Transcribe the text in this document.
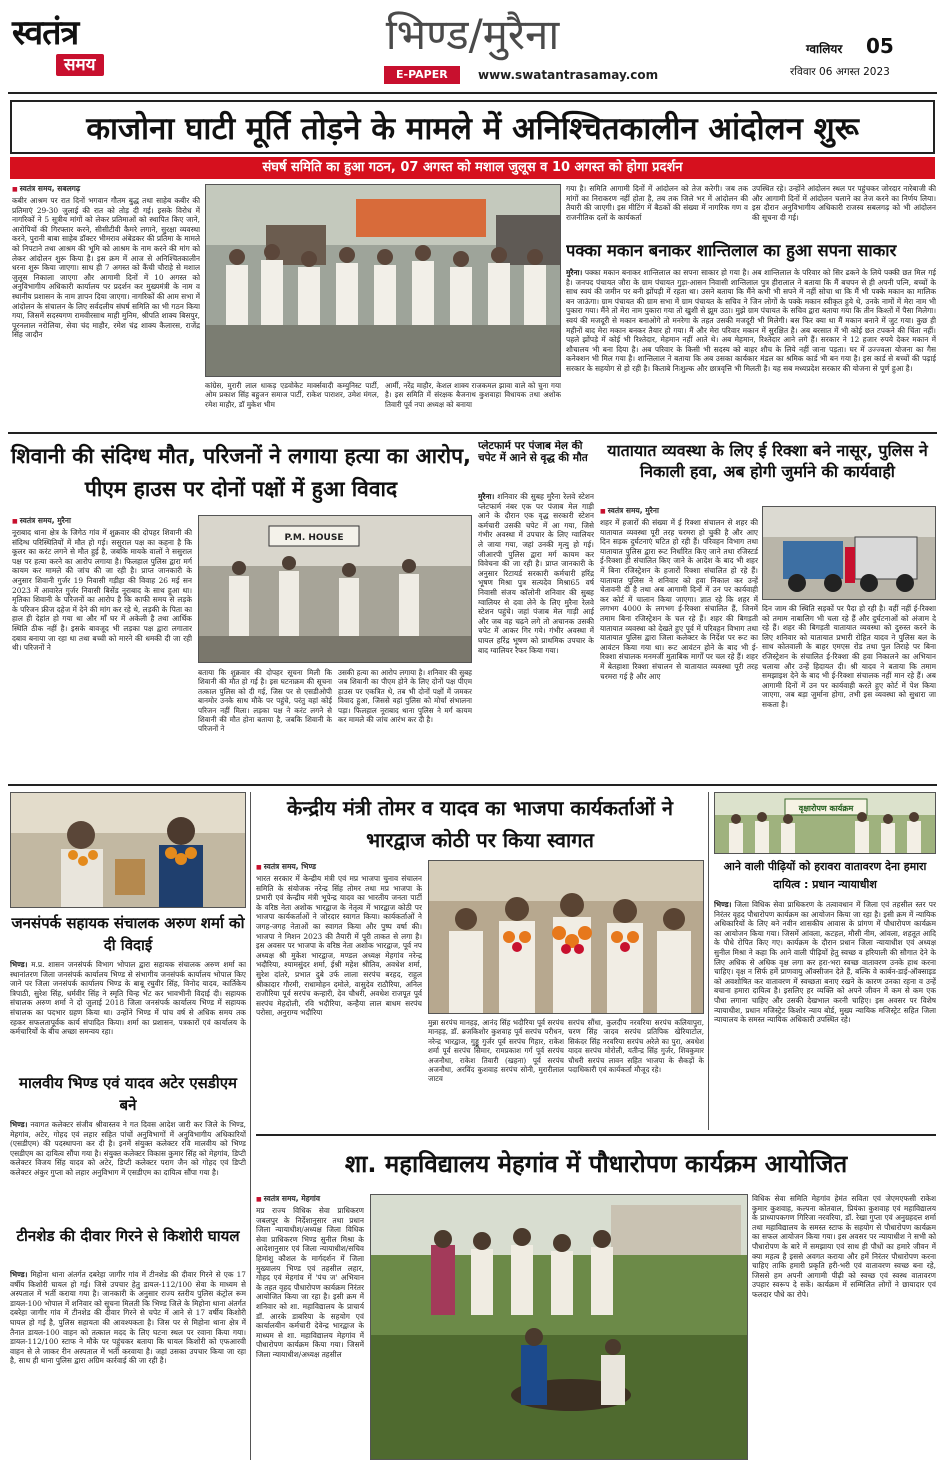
स्वतंत्र
समय
भिण्ड/मुरैना
E-PAPER	www.swatantrasamay.com
ग्वालियर 05
रविवार 06 अगस्त 2023
काजोना घाटी मूर्ति तोड़ने के मामले में अनिश्चितकालीन आंदोलन शुरू
संघर्ष समिति का हुआ गठन, 07 अगस्त को मशाल जुलूस व 10 अगस्त को होगा प्रदर्शन
■ स्वतंत्र समय, सबलगढ़
कबीर आश्रम पर रात दिनों भगवान गौतम बुद्ध तथा साहेब कबीर की प्रतिमाएं 29-30 जुलाई की रात को तोड़ दी गई। इसके विरोध में नागरिकों ने 5 सूत्रीय मांगों को लेकर प्रतिमाओं को स्थापित किए जाने, आरोपियों की गिरफ्तार करने, सीसीटीवी कैमरे लगाने, सुरक्षा व्यवस्था करने, पुरानी बाबा साहेब डॉक्टर भीमराव अंबेडकर की प्रतिमा के मामले को निपटाने तथा आश्रम की भूमि को आश्रम के नाम करने की मांग को लेकर आंदोलन शुरू किया है। इस क्रम में आज से अनिश्चितकालीन धरना शुरू किया जाएगा। साथ ही 7 अगस्त को कैंची चौराहे से मशाल जुलूस निकाला जाएगा और आगामी दिनों में 10 अगस्त को अनुविभागीय अधिकारी कार्यालय पर प्रदर्शन कर मुख्यमंत्री के नाम व स्थानीय प्रशासन के नाम ज्ञापन दिया जाएगा। नागरिकों की आम सभा में आंदोलन के संचालन के लिए सर्वदलीय संघर्ष समिति का भी गठन किया गया, जिसमें सदस्यगण रामवीरसाथ माही मुनिम, श्रीपति शाक्य बिसपुर, पूरनलाल नरोलिया, सेवा चंद माहौर, रमेश चंद्र शाक्य कैलारस, राजेंद्र सिंह जादौन
कांग्रेस, मुरारी लाल धाकड़ एडवोकेट मार्क्सवादी कम्युनिस्ट पार्टी, ओम प्रकाश सिंह बहुजन समाज पार्टी, राकेश पाराशर, उमेश मंगल, रमेश माहौर, डॉ मुकेश भीम
आर्मी, नरेंद्र माहौर, केशल शाक्य राजकमल झावा वाले को चुना गया है। इस समिति में संरक्षक बैजनाथ कुशवाहा विधायक तथा अशोक तिवारी पूर्व नपा अध्यक्ष को बनाया
गया है। समिति आगामी दिनों में आंदोलन को तेज करेगी। जब तक मांगों का निराकरण नहीं होता है, तब तक जिले भर में आंदोलन की तैयारी की जाएगी। इस मीटिंग में बैठकों की संख्या में नागरिक गण व राजनीतिक दलों के कार्यकर्ता
उपस्थित रहे। उन्होंने आंदोलन स्थल पर पहुंचकर जोरदार नारेबाजी की और आगामी दिनों में आंदोलन चलाने का तेज करने का निर्णय लिया। इस दौरान अनुविभागीय अधिकारी राजस्व सबलगढ़ को भी आंदोलन की सूचना दी गई।
पक्का मकान बनाकर शान्तिलाल का हुआ सपना साकार
मुरैना। पक्का मकान बनाकर शान्तिलाल का सपना साकार हो गया है। अब शान्तिलाल के परिवार को सिर ढकने के लिये पक्की छत मिल गई है। जनपद पंचायत जौरा के ग्राम पंचायत गुड़ा-आसन निवासी शान्तिलाल पुत्र हीरालाल ने बताया कि मैं बचपन से ही अपनी पत्नि, बच्चों के साथ स्वयं की जमीन पर बनी झोंपड़ी में रहता था। उसने बताया कि मैंने कभी भी सपने में नहीं सोचा था कि मैं भी पक्के मकान का मालिक बन जाऊंगा। ग्राम पंचायत की ग्राम सभा में ग्राम पंचायत के सचिव ने जिन लोगों के पक्के मकान स्वीकृत हुये थे, उनके नामों में मेरा नाम भी पुकारा गया। मैंने तो मेरा नाम पुकारा गया तो खुशी से झूम उठा। मुझे ग्राम पंचायत के सचिव द्वारा बताया गया कि तीन किश्तों में पैसा मिलेगा। स्वयं की मजदूरी से मकान बनाओगे तो मनरेगा के तहत उसकी मजदूरी भी मिलेगी। बस फिर क्या था मैं मकान बनाने में जुट गया। कुछ ही महीनों बाद मेरा मकान बनकर तैयार हो गया। मैं और मेरा परिवार मकान में सुरक्षित है। अब बरसात में भी कोई छत टपकने की चिंता नहीं। पहले झोंपड़े में कोई भी रिश्तेदार, मेहमान नहीं आते थे। अब मेहमान, रिश्तेदार आने लगे हैं। सरकार ने 12 हजार रुपये देकर मकान में शौचालय भी बना दिया है। अब परिवार के किसी भी सदस्य को बाहर शौच के लिये नहीं जाना पड़ता। घर में उज्ज्वला योजना का गैस कनेक्शन भी मिल गया है। शान्तिलाल ने बताया कि अब उसका कार्यकार मंडल का श्रमिक कार्ड भी बन गया है। इस कार्ड से बच्चों की पढ़ाई सरकार के सहयोग से हो रही है। किताबे निःशुल्क और छात्रवृत्ति भी मिलती है। यह सब मध्यप्रदेश सरकार की योजना से पूर्ण हुआ है।
शिवानी की संदिग्ध मौत, परिजनों ने लगाया हत्या का आरोप, पीएम हाउस पर दोनों पक्षों में हुआ विवाद
■ स्वतंत्र समय, मुरैना
नूराबाद थाना क्षेत्र के जिगेठ गांव में शुक्रवार की दोपहर शिवानी की संदिग्ध परिस्थितियों में मौत हो गई। ससुराल पक्ष का कहना है कि कूलर का करंट लगने से मौत हुई है, जबकि मायके वालों ने ससुराल पक्ष पर हत्या करने का आरोप लगाया है। फिलहाल पुलिस द्वारा मर्ग कायम कर मामले की जांच की जा रही है। प्राप्त जानकारी के अनुसार शिवानी गुर्जर 19 निवासी गड़ीहा की विवाह 26 मई सन 2023 में आवारेत गुर्जर निवासी बिसेंड नूराबाद के साथ हुआ था। मृतिका शिवानी के परिजनों का आरोप है कि काफी समय से लड़के के परिजन फ्रीज दहेज में देने की मांग कर रहे थे, लड़की के पिता का हाल ही देहांत हो गया था और माँ घर में अकेली है तथा आर्थिक स्थिति ठीक नहीं है। इसके बावजूद भी लड़का पक्ष द्वारा लगातार दबाव बनाया जा रहा था तथा बच्ची को मारने की धमकी दी जा रही थी। परिजनों ने
P.M. HOUSE
बताया कि शुक्रवार की दोपहर सूचना मिली कि शिवानी की मौत हो गई है। इस घटनाक्रम की सूचना तत्काल पुलिस को दी गई, जिस पर से एसडीओपी बानमोर उनके साथ मौके पर पहुंचे, परंतु वहां कोई परिजन नहीं मिला। लड़का पक्ष ने करंट लगने से शिवानी की मौत होना बताया है, जबकि शिवानी के परिजनों ने
उसकी हत्या का आरोप लगाया है। शनिवार की सुबह जब शिवानी का पीएम होने के लिए दोनों पक्ष पीएम हाउस पर एकत्रित थे, तब भी दोनों पक्षों में जमकर विवाद हुआ, जिससे वहां पुलिस को मोर्चा संभालना पड़ा। फिलहाल नूराबाद थाना पुलिस ने मर्ग कायम कर मामले की जांच आरंभ कर दी है।
प्लेटफार्म पर पंजाब मेल की चपेट में आने से वृद्ध की मौत
मुरैना। शनिवार की सुबह मुरैना रेलवे स्टेशन प्लेटफार्म नंबर एक पर पंजाब मेल गाड़ी आने के दौरान एक वृद्ध सरकारी स्टेशन कर्मचारी उसकी चपेट में आ गया, जिसे गंभीर अवस्था में उपचार के लिए ग्वालियर ले जाया गया, जहां उनकी मृत्यु हो गई। जीआरपी पुलिस द्वारा मर्ग कायम कर विवेचना की जा रही है। प्राप्त जानकारी के अनुसार रिटायर्ड सरकारी कर्मचारी हरिंद्र भूषण मिश्रा पुत्र सत्यदेव मिश्रा65 वर्ष निवासी संजय कॉलोनी शनिवार की सुबह ग्वालियर से दवा लेने के लिए मुरैना रेलवे स्टेशन पहुंचे। जहां पंजाब मेल गाड़ी आई और जब वह चढ़ने लगे तो अचानक उसकी चपेट में आकर गिर गये। गंभीर अवस्था में घायल हरिंद्र भूषण को प्राथमिक उपचार के बाद ग्वालियर रैफर किया गया।
यातायात व्यवस्था के लिए ई रिक्शा बने नासूर, पुलिस ने निकाली हवा, अब होगी जुर्माने की कार्यवाही
■ स्वतंत्र समय, मुरैना
शहर में हजारों की संख्या में ई रिक्शा संचालन से शहर की यातायात व्यवस्था पूरी तरह चरमरा हो चुकी है और आए दिन सड़क दुर्घटनाएं घटित हो रही हैं। परिवहन विभाग तथा यातायात पुलिस द्वारा रूट निर्धारित किए जाने तथा रजिस्टर्ड ई-रिक्शा ही संचालित किए जाने के आदेश के बाद भी शहर में बिना रजिस्ट्रेशन के हजारों रिक्शा संचालित हो रहे हैं। यातायात पुलिस ने शनिवार को हवा निकाल कर उन्हें चेतावनी दी है तथा अब आगामी दिनों में उन पर कार्यवाही कर कोर्ट में चालान किया जाएगा। ज्ञात रहे कि शहर में लगभग 4000 के लगभग ई-रिक्शा संचालित हैं, जिनमें तमाम बिना रजिस्ट्रेशन के चल रहे हैं। शहर की बिगड़ती यातायात व्यवस्था को देखते हुए पूर्व में परिवहन विभाग तथा यातायात पुलिस द्वारा जिला कलेक्टर के निर्देश पर रूट का आवंटन किया गया था। रूट आवंटन होने के बाद भी ई-रिक्शा संचालक मनमर्जी मुताबिक मार्गों पर चल रहे हैं। शहर में बेतहाशा रिक्शा संचालन से यातायात व्यवस्था पूरी तरह चरमरा गई है और आए
दिन जाम की स्थिति सड़कों पर पैदा हो रही है। वहीं नहीं ई-रिक्शा को तमाम नाबालिग भी चला रहे हैं और दुर्घटनाओं को अंजाम दे रहे हैं। शहर की बिगड़ती यातायात व्यवस्था को दुरुस्त करने के लिए शनिवार को यातायात प्रभारी रोहित यादव ने पुलिस बल के साथ कोतवाली के बाहर एमएस रोड तथा पुल तिराहे पर बिना रजिस्ट्रेशन के संचालित ई-रिक्शा की हवा निकालने का अभियान चलाया और उन्हें हिदायत दी। श्री यादव ने बताया कि तमाम समझाइश देने के बाद भी ई-रिक्शा संचालक नहीं मान रहे हैं। अब आगामी दिनों में उन पर कार्यवाही करते हुए कोर्ट में पेश किया जाएगा, जब बड़ा जुर्माना होगा, तभी इस व्यवस्था को सुधारा जा सकता है।
जनसंपर्क सहायक संचालक अरुण शर्मा को दी विदाई
भिण्ड। म.प्र. शासन जनसंपर्क विभाग भोपाल द्वारा सहायक संचालक अरुण शर्मा का स्थानांतरण जिला जनसंपर्क कार्यालय भिण्ड से संभागीय जनसंपर्क कार्यालय भोपाल किए जाने पर जिला जनसंपर्क कार्यालय भिण्ड के बाबू रघुवीर सिंह, विनोद यादव, कार्तिकेय त्रिपाठी, सुरेश सिंह, धर्मवीर सिंह ने स्मृति चिन्ह भेंट कर भावभीनी विदाई दी। सहायक संचालक अरुण शर्मा ने दो जुलाई 2018 जिला जनसंपर्क कार्यालय भिण्ड में सहायक संचालक का पदभार ग्रहण किया था। उन्होंने भिण्ड में पांच वर्ष से अधिक समय तक रहकर सफलतापूर्वक कार्य संपादित किया। शर्मा का प्रशासन, पत्रकारों एवं कार्यालय के कर्मचारियों के बीच अच्छा समन्वय रहा।
मालवीय भिण्ड एवं यादव अटेर एसडीएम बने
भिण्ड। नवागत कलेक्टर संजीव श्रीवास्तव ने गत दिवस आदेश जारी कर जिले के भिण्ड, मेहगांव, अटेर, गोहद एवं लहार सहित पांचों अनुविभागों में अनुविभागीय अधिकारियों (एसडीएम) की पदस्थापना कर दी है। इनमें संयुक्त कलेक्टर रवि मालवीय को भिण्ड एसडीएम का दायित्व सौंपा गया है। संयुक्त कलेक्टर विकास कुमार सिंह को मेहगांव, डिप्टी कलेक्टर विजय सिंह यादव को अटेर, डिप्टी कलेक्टर पराग जैन को गोहद एवं डिप्टी कलेक्टर अंकुर गुप्ता को लहार अनुविभाग में एसडीएम का दायित्व सौंपा गया है।
टीनशेड की दीवार गिरने से किशोरी घायल
भिण्ड। मिहोना थाना अंतर्गत दबरेहा जागीर गांव में टीनशेड की दीवार गिरने से एक 17 वर्षीय किशोरी घायल हो गई। जिसे उपचार हेतु डायल-112/100 सेवा के माध्यम से अस्पताल में भर्ती कराया गया है। जानकारी के अनुसार राज्य स्तरीय पुलिस कंट्रोल रूम डायल-100 भोपाल में शनिवार को सूचना मिलती कि भिण्ड जिले के मिहोना थाना अंतर्गत दबरेहा जागीर गांव में टीनशेड की दीवार गिरने से चपेट में आने से 17 वर्षीय किशोरी घायल हो गई है, पुलिस सहायता की आवश्यकता है। जिस पर से मिहोना थाना क्षेत्र में तैनात डायल-100 वाहन को तत्काल मदद के लिए घटना स्थल पर रवाना किया गया। डायल-112/100 स्टाफ ने मौके पर पहुंचकर बताया कि घायल किशोरी को एफआरवी वाहन से ले जाकर रीन अस्पताल में भर्ती करवाया है। जहां उसका उपचार किया जा रहा है, साथ ही थाना पुलिस द्वारा अग्रिम कार्रवाई की जा रही है।
केन्द्रीय मंत्री तोमर व यादव का भाजपा कार्यकर्ताओं ने भारद्वाज कोठी पर किया स्वागत
■ स्वतंत्र समय, भिण्ड
भारत सरकार में केन्द्रीय मंत्री एवं मप्र भाजपा चुनाव संचालन समिति के संयोजक नरेन्द्र सिंह तोमर तथा मप्र भाजपा के प्रभारी एवं केन्द्रीय मंत्री भूपेन्द्र यादव का भारतीय जनता पार्टी के वरिष्ठ नेता अशोक भारद्वाज के नेतृत्व में भारद्वाज कोठी पर भाजपा कार्यकर्ताओं ने जोरदार स्वागत किया। कार्यकर्ताओं ने जगह-जगह नेताओं का स्वागत किया और पुष्प वर्षा की। भाजपा ने मिशन 2023 की तैयारी में पूरी ताकत से लगा है। इस अवसर पर भाजपा के वरिष्ठ नेता अशोक भारद्वाज, पूर्व नप अध्यक्ष श्री मुकेश भारद्वाज, मण्डल अध्यक्ष मेहगांव नरेन्द्र भदौरिया, श्यामसुंदर शर्मा, ईश्री महेश श्रीतिव, अवधेश शर्मा, सुरेश दांतरे, प्रभात दुबे उर्फ लाला सरपंच बरहद, राहुल श्रीकादार गौरमी, राधामोहन दमोले, वासुदेव राठौरिया, अनिल राजौरिया पूर्व सरपंच कन्हारी, देव चौधरी, अवधेश राजपूत पूर्व सरपंच मेहदोली, रवि भदौरिया, कन्हैया लाल बाधम सरपंच परोसा, अनुराग्य भदौरिया
मुन्ना सरपंच मानहड़, आनंद सिंह भदौरिया पूर्व सरपंच मानहड़, डॉ. ब्रजकिशोर कुशवाह पूर्व सरपंच परीधन, नरेन्द्र भारद्वाज, गुड्डू गुर्जर पूर्व सरपंच गिहार, राकेश शर्मा पूर्व सरपंच सिमार, रामप्रकाश गर्ग पूर्व सरपंच अजनौधा, राकेश तिवारी (खहना) पूर्व सरपंच अजनौधा, अरविंद कुशवाह सरपंच सोनी, मुरारीलाल जाटव
सरपंच सौंधा, कुलदीप नरवरिया सरपंच कलियापुरा, चरण सिंह जादव सरपंच प्रतिपिक खेरियाटोल, सिकंदर सिंह नरवरिया सरपंच अरेले का पुरा, अवधेश यादव सरपंच मोरोली, यतीन्द्र सिंह गुर्जर, शिवकुमार चौधरी सरपंच लावन सहित भाजपा के सैकड़ों के पदाधिकारी एवं कार्यकर्ता मौजूद रहे।
वृक्षारोपण कार्यक्रम
आने वाली पीढ़ियों को हरावरा वातावरण देना हमारा दायित्व : प्रधान न्यायाधीश
भिण्ड। जिला विधिक सेवा प्राधिकरण के तत्वावधान में जिला एवं तहसील स्तर पर निरंतर वृहद पौधारोपण कार्यक्रम का आयोजन किया जा रहा है। इसी क्रम में न्यायिक अधिकारियों के लिए बने नवीन शासकीय आवास के प्रांगण में पौधारोपण कार्यक्रम का आयोजन किया गया। जिसमें आंवला, कटहल, मौसी नीम, आंवला, शहतूत आदि के पौधे रोपित किए गए। कार्यक्रम के दौरान प्रधान जिला न्यायाधीश एवं अध्यक्ष सुनील मिश्रा ने कहा कि आने वाली पीढ़ियों हेतु स्वच्छ व हरियाली की सौगात देने के लिए अधिक से अधिक वृक्ष लगा कर हरा-भरा स्वच्छ वातावरण उनके हाथ करना चाहिए। वृक्ष न सिर्फ हमें प्राणवायु ऑक्सीजन देते हैं, बल्कि वे कार्बन-डाई-ऑक्साइड को अवशोषित कर वातावरण में स्वच्छता बनाए रखने के कारण उनका रहना व उन्हें बचाना हमारा दायित्व है। इसलिए हर व्यक्ति को अपने जीवन में कम से कम एक पौधा लगाना चाहिए और उसकी देखभाल करनी चाहिए। इस अवसर पर विशेष न्यायाधीश, प्रधान मजिस्ट्रेट किशोर न्याय बोर्ड, मुख्य न्यायिक मजिस्ट्रेट सहित जिला न्यायालय के समस्त न्यायिक अधिकारी उपस्थित रहे।
शा. महाविद्यालय मेहगांव में पौधारोपण कार्यक्रम आयोजित
■ स्वतंत्र समय, मेहगांव
मप्र राज्य विधिक सेवा प्राधिकरण जबलपुर के निर्देशानुसार तथा प्रधान जिला न्यायाधीश/अध्यक्ष जिला विधिक सेवा प्राधिकरण भिण्ड सुनील मिश्रा के आदेशानुसार एवं जिला न्यायाधीश/सचिव हिमांशु कौशल के मार्गदर्शन में जिला मुख्यालय भिण्ड एवं तहसील लहार, गोहद एवं मेहगांव में 'पंच ज' अभियान के तहत वृहद पौधारोपण कार्यक्रम निरंतर आयोजित किया जा रहा है। इसी क्रम में शनिवार को शा. महाविद्यालय के प्राचार्य डॉ. आरके डाबरिया के सहयोग एवं कार्यालयीन कर्मचारी देवेन्द्र भारद्वाज के माध्यम से शा. महाविद्यालय मेहगांव में पौधारोपण कार्यक्रम किया गया। जिसमें जिला न्यायाधीश/अध्यक्ष तहसील
विधिक सेवा समिति मेहगांव हेमंत सविता एवं जेएमएफसी राकेश कुमार कुशवाह, कल्पना कोतवाल, प्रियंका कुशवाह एवं महाविद्यालय के प्राध्यापकगण गिरिजा नरवरिया, डॉ. रेखा गुप्ता एवं अनुग्रहदत्त शर्मा तथा महाविद्यालय के समस्त स्टाफ के सहयोग से पौधारोपण कार्यक्रम का सफल आयोजन किया गया। इस अवसर पर न्यायाधीश ने सभी को पौधारोपण के बारे में समझाया एवं साथ ही पौधों का हमारे जीवन में क्या महत्व है इससे अवगत कराया और हमें निरंतर पौधारोपण करना चाहिए ताकि हमारी प्रकृति हरी-भरी एवं वातावरण स्वच्छ बना रहे, जिससे हम अपनी आगामी पीढ़ी को स्वच्छ एवं स्वस्थ वातावरण उपहार स्वरूप दे सकें। कार्यक्रम में सम्मिलित लोगों ने छायादार एवं फलदार पौधे का रोपे।
